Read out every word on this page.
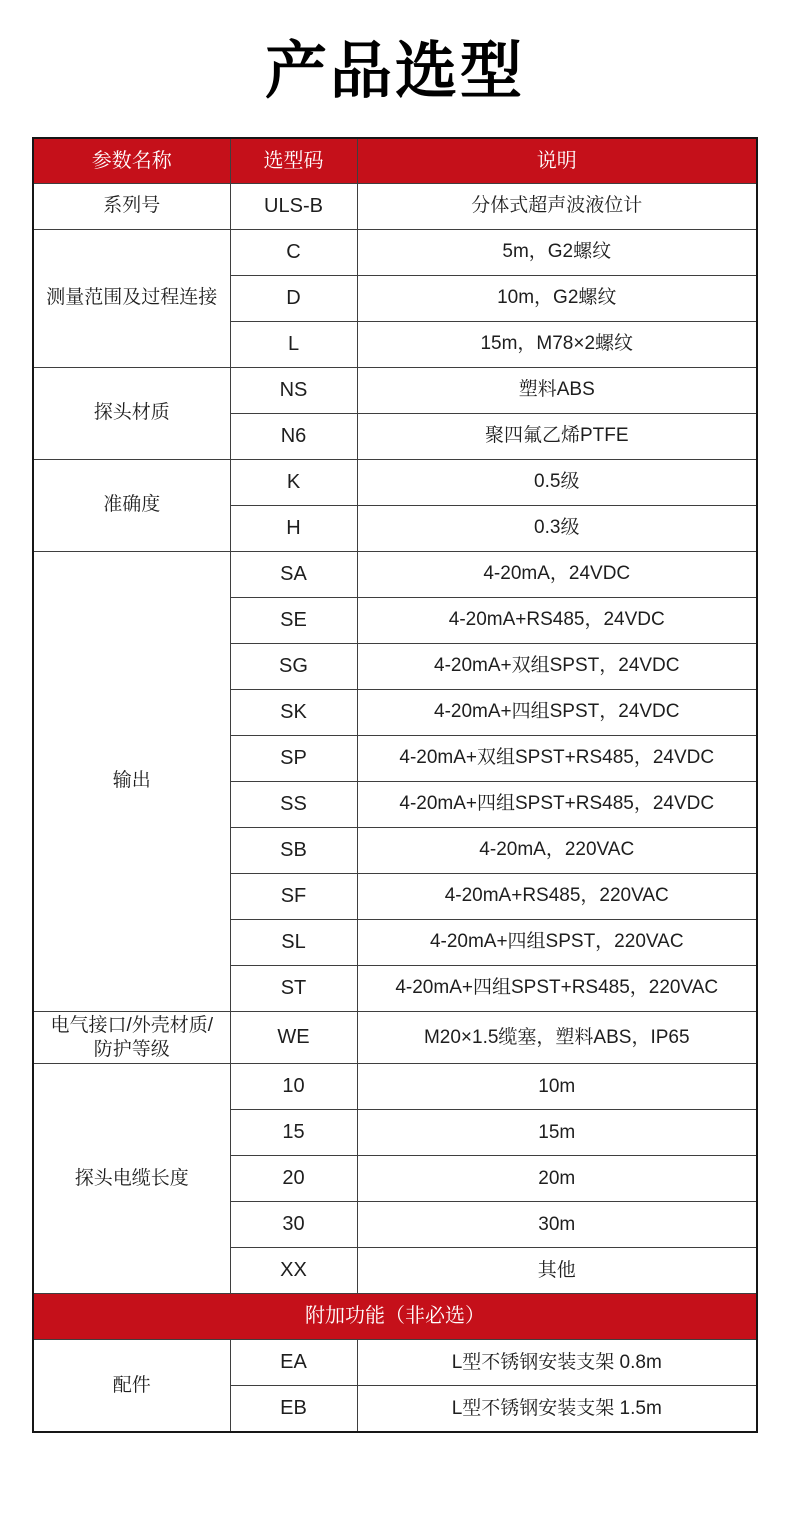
产品选型
参数名称	选型码	说明
系列号	ULS-B	分体式超声波液位计
测量范围及过程连接	C	5m，G2螺纹
	D	10m，G2螺纹
	L	15m，M78×2螺纹
探头材质	NS	塑料ABS
	N6	聚四氟乙烯PTFE
准确度	K	0.5级
	H	0.3级
输出	SA	4-20mA，24VDC
	SE	4-20mA+RS485，24VDC
	SG	4-20mA+双组SPST，24VDC
	SK	4-20mA+四组SPST，24VDC
	SP	4-20mA+双组SPST+RS485，24VDC
	SS	4-20mA+四组SPST+RS485，24VDC
	SB	4-20mA，220VAC
	SF	4-20mA+RS485，220VAC
	SL	4-20mA+四组SPST，220VAC
	ST	4-20mA+四组SPST+RS485，220VAC
电气接口/外壳材质/防护等级	WE	M20×1.5缆塞，塑料ABS，IP65
探头电缆长度	10	10m
	15	15m
	20	20m
	30	30m
	XX	其他
附加功能（非必选）		
配件	EA	L型不锈钢安装支架 0.8m
	EB	L型不锈钢安装支架 1.5m
